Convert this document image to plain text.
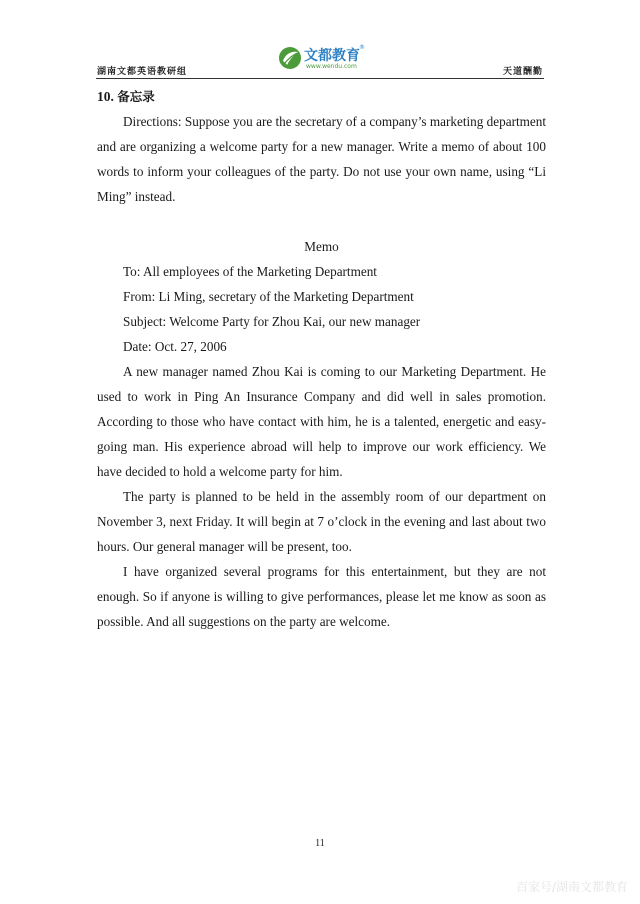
湖南文都英语教研组
文都教育
®
www.wendu.com
天道酬勤
10. 备忘录

Directions: Suppose you are the secretary of a company’s marketing department and are organizing a welcome party for a new manager. Write a memo of about 100 words to inform your colleagues of the party. Do not use your own name, using “Li Ming” instead.

Memo

To: All employees of the Marketing Department

From: Li Ming, secretary of the Marketing Department

Subject: Welcome Party for Zhou Kai, our new manager

Date: Oct. 27, 2006

A new manager named Zhou Kai is coming to our Marketing Department. He used to work in Ping An Insurance Company and did well in sales promotion. According to those who have contact with him, he is a talented, energetic and easy-going man. His experience abroad will help to improve our work efficiency. We have decided to hold a welcome party for him.

The party is planned to be held in the assembly room of our department on November 3, next Friday. It will begin at 7 o’clock in the evening and last about two hours. Our general manager will be present, too.

I have organized several programs for this entertainment, but they are not enough. So if anyone is willing to give performances, please let me know as soon as possible. And all suggestions on the party are welcome.

11
百家号/湖南文都教育
